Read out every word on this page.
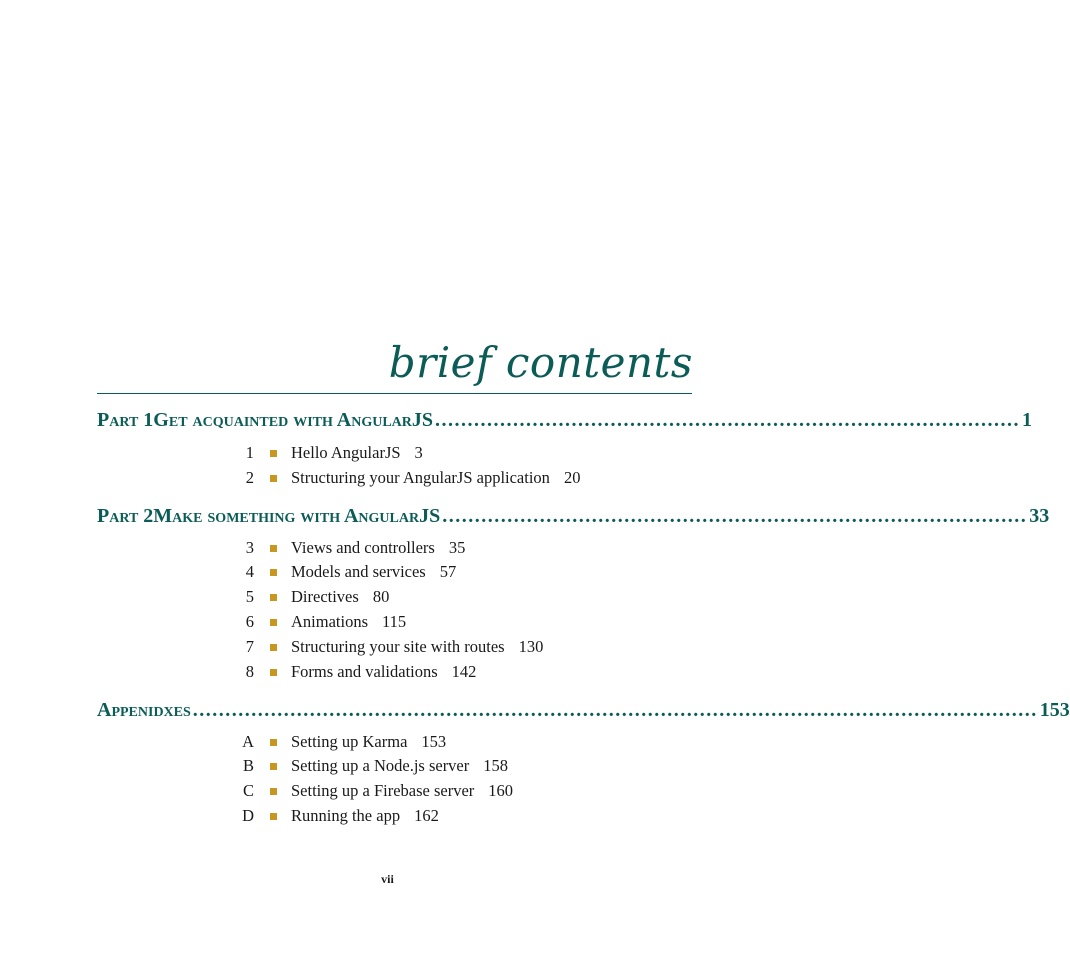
brief contents
Part 1 Get acquainted with AngularJS .......................................................................................... 1
1 Hello AngularJS 3
2 Structuring your AngularJS application 20
Part 2 Make something with AngularJS .......................................................................................... 33
3 Views and controllers 35
4 Models and services 57
5 Directives 80
6 Animations 115
7 Structuring your site with routes 130
8 Forms and validations 142
Appenidxes .................................................................................................................................. 153
A Setting up Karma 153
B Setting up a Node.js server 158
C Setting up a Firebase server 160
D Running the app 162
vii
